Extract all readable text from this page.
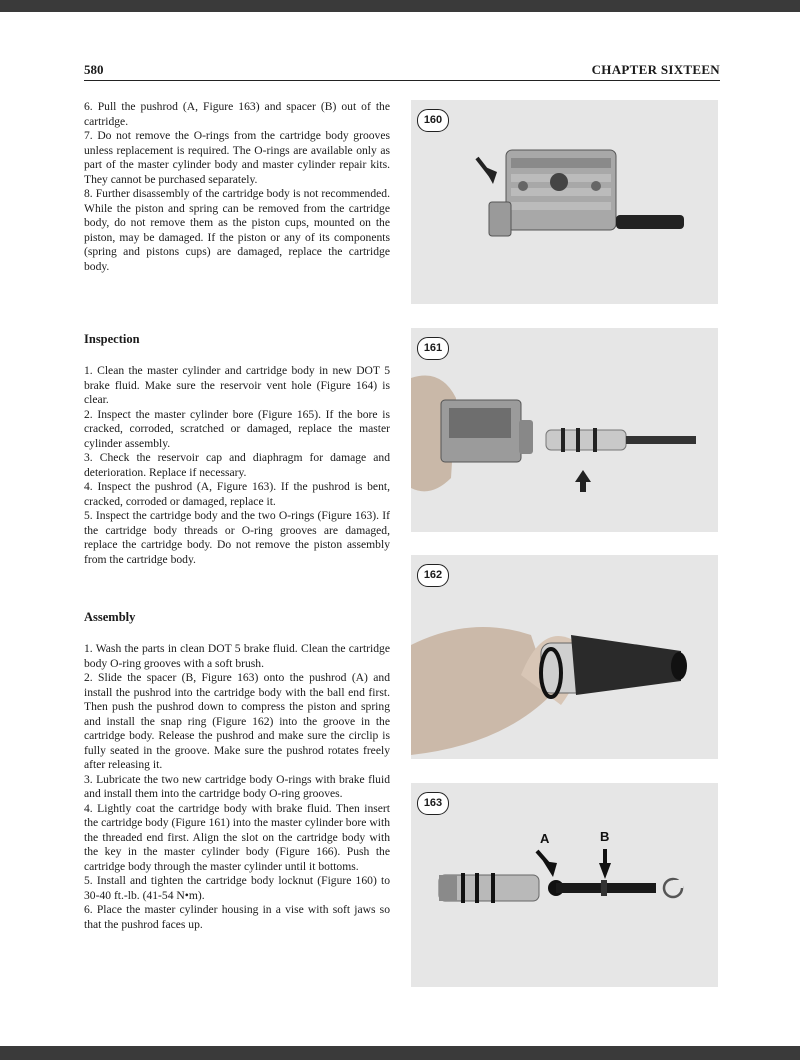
580	CHAPTER SIXTEEN

6. Pull the pushrod (A, Figure 163) and spacer (B) out of the cartridge.

7. Do not remove the O-rings from the cartridge body grooves unless replacement is required. The O-rings are available only as part of the master cylinder body and master cylinder repair kits. They cannot be purchased separately.

8. Further disassembly of the cartridge body is not recommended. While the piston and spring can be removed from the cartridge body, do not remove them as the piston cups, mounted on the piston, may be damaged. If the piston or any of its components (spring and pistons cups) are damaged, replace the cartridge body.

Inspection

1. Clean the master cylinder and cartridge body in new DOT 5 brake fluid. Make sure the reservoir vent hole (Figure 164) is clear.

2. Inspect the master cylinder bore (Figure 165). If the bore is cracked, corroded, scratched or damaged, replace the master cylinder assembly.

3. Check the reservoir cap and diaphragm for damage and deterioration. Replace if necessary.

4. Inspect the pushrod (A, Figure 163). If the pushrod is bent, cracked, corroded or damaged, replace it.

5. Inspect the cartridge body and the two O-rings (Figure 163). If the cartridge body threads or O-ring grooves are damaged, replace the cartridge body. Do not remove the piston assembly from the cartridge body.

Assembly

1. Wash the parts in clean DOT 5 brake fluid. Clean the cartridge body O-ring grooves with a soft brush.

2. Slide the spacer (B, Figure 163) onto the pushrod (A) and install the pushrod into the cartridge body with the ball end first. Then push the pushrod down to compress the piston and spring and install the snap ring (Figure 162) into the groove in the cartridge body. Release the pushrod and make sure the circlip is fully seated in the groove. Make sure the pushrod rotates freely after releasing it.

3. Lubricate the two new cartridge body O-rings with brake fluid and install them into the cartridge body O-ring grooves.

4. Lightly coat the cartridge body with brake fluid. Then insert the cartridge body (Figure 161) into the master cylinder bore with the threaded end first. Align the slot on the cartridge body with the key in the master cylinder body (Figure 166). Push the cartridge body through the master cylinder until it bottoms.

5. Install and tighten the cartridge body locknut (Figure 160) to 30-40 ft.-lb. (41-54 N•m).

6. Place the master cylinder housing in a vise with soft jaws so that the pushrod faces up.

160
161
162
163
A	B
